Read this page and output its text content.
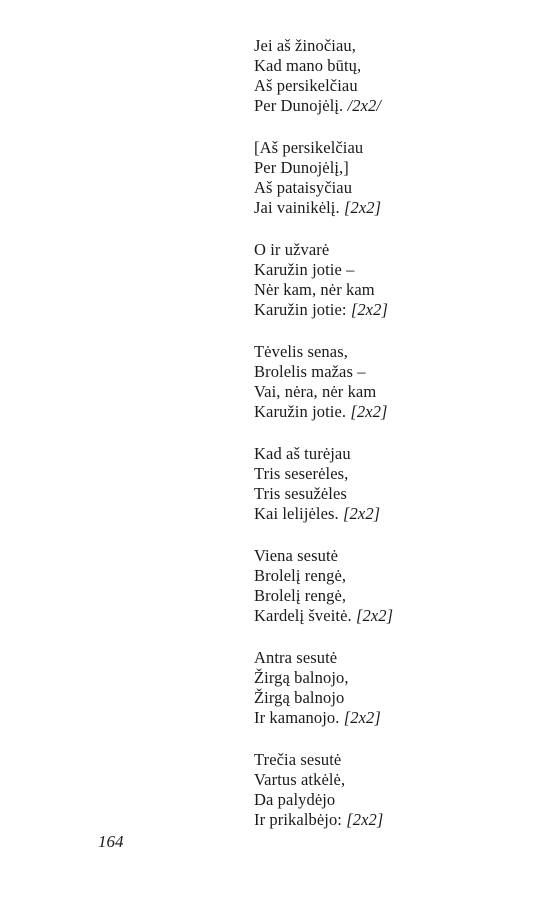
Jei aš žinočiau,
Kad mano būtų,
Aš persikelčiau
Per Dunojėlį. /2x2/
[Aš persikelčiau
Per Dunojėlį,]
Aš pataisyčiau
Jai vainikėlį. [2x2]
O ir užvarė
Karužin jotie –
Nėr kam, nėr kam
Karužin jotie: [2x2]
Tėvelis senas,
Brolelis mažas –
Vai, nėra, nėr kam
Karužin jotie. [2x2]
Kad aš turėjau
Tris seserėles,
Tris sesužėles
Kai lelijėles. [2x2]
Viena sesutė
Brolelį rengė,
Brolelį rengė,
Kardelį šveitė. [2x2]
Antra sesutė
Žirgą balnojo,
Žirgą balnojo
Ir kamanojo. [2x2]
Trečia sesutė
Vartus atkėlė,
Da palydėjo
Ir prikalbėjo: [2x2]
164
